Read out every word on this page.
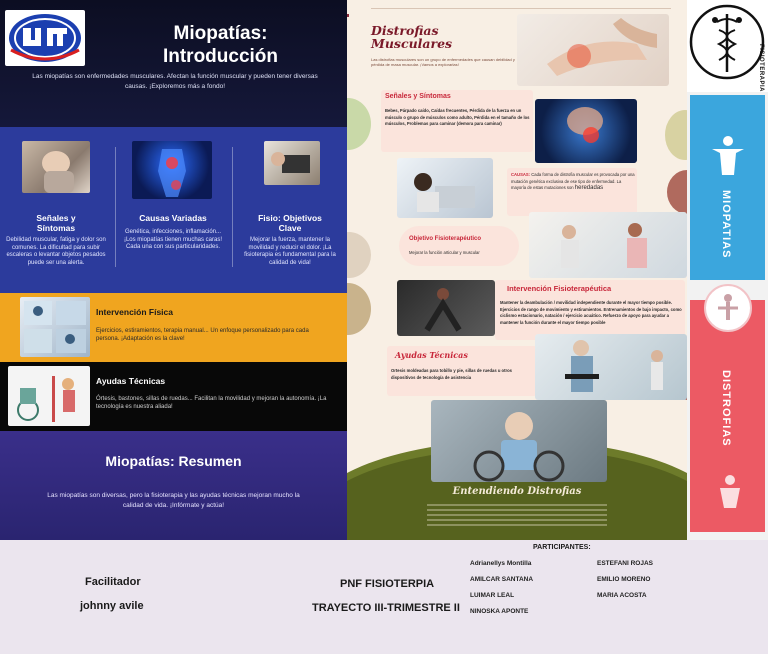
Miopatías:
Introducción
Las miopatías son enfermedades musculares. Afectan la función muscular y pueden tener diversas causas. ¡Exploremos más a fondo!
Señales y
Síntomas
Debilidad muscular, fatiga y dolor son comunes. La dificultad para subir escaleras o levantar objetos pesados puede ser una alerta.
Causas Variadas
Genética, infecciones, inflamación... ¡Los miopatías tienen muchas caras! Cada una con sus particularidades.
Fisio: Objetivos
Clave
Mejorar la fuerza, mantener la movilidad y reducir el dolor. ¡La fisioterapia es fundamental para la calidad de vida!
Intervención Física
Ejercicios, estiramientos, terapia manual... Un enfoque personalizado para cada persona. ¡Adaptación es la clave!
Ayudas Técnicas
Órtesis, bastones, sillas de ruedas... Facilitan la movilidad y mejoran la autonomía. ¡La tecnología es nuestra aliada!
Miopatías: Resumen
Las miopatías son diversas, pero la fisioterapia y las ayudas técnicas mejoran mucho la calidad de vida. ¡Infórmate y actúa!
Distrofias
Musculares
Las distrofias musculares son un grupo de enfermedades que causan debilidad y pérdida de masa muscular. ¡Vamos a explorarlas!
Señales y Síntomas
Bebes, Párpado caído, Caídas frecuentes, Pérdida de la fuerza en un músculo o grupo de músculos como adulto, Pérdida en el tamaño de los músculos, Problemas para caminar (demora para caminar)
CAUSAS: Cada forma de distrofia muscular es provocada por una mutación genética exclusiva de ese tipo de enfermedad. La mayoría de estas mutaciones son heredadas
Objetivo Fisioterapéutico
Mejorar la función articular y muscular
Intervención Fisioterapéutica
Mantener la deambulación / movilidad independiente durante el mayor tiempo posible. Ejercicios de rango de movimiento y estiramientos. Entrenamientos de bajo impacto, como ciclismo estacionario, natación / ejercicio acuático. Refuerzo de apoyo para ayudar a mantener la función durante el mayor tiempo posible
Ayudas Técnicas
Ortesis moldeadas para tobillo y pie, sillas de ruedas u otros dispositivos de tecnología de asistencia
Entendiendo Distrofias
FISIOTERAPIA
MIOPATIAS
DISTROFIAS
Facilitador
johnny avile
PNF FISIOTERPIA
TRAYECTO III-TRIMESTRE II
PARTICIPANTES:
Adrianellys Montilla
AMILCAR SANTANA
LUIMAR LEAL
NINOSKA APONTE
ESTEFANI ROJAS
EMILIO MORENO
MARIA ACOSTA
